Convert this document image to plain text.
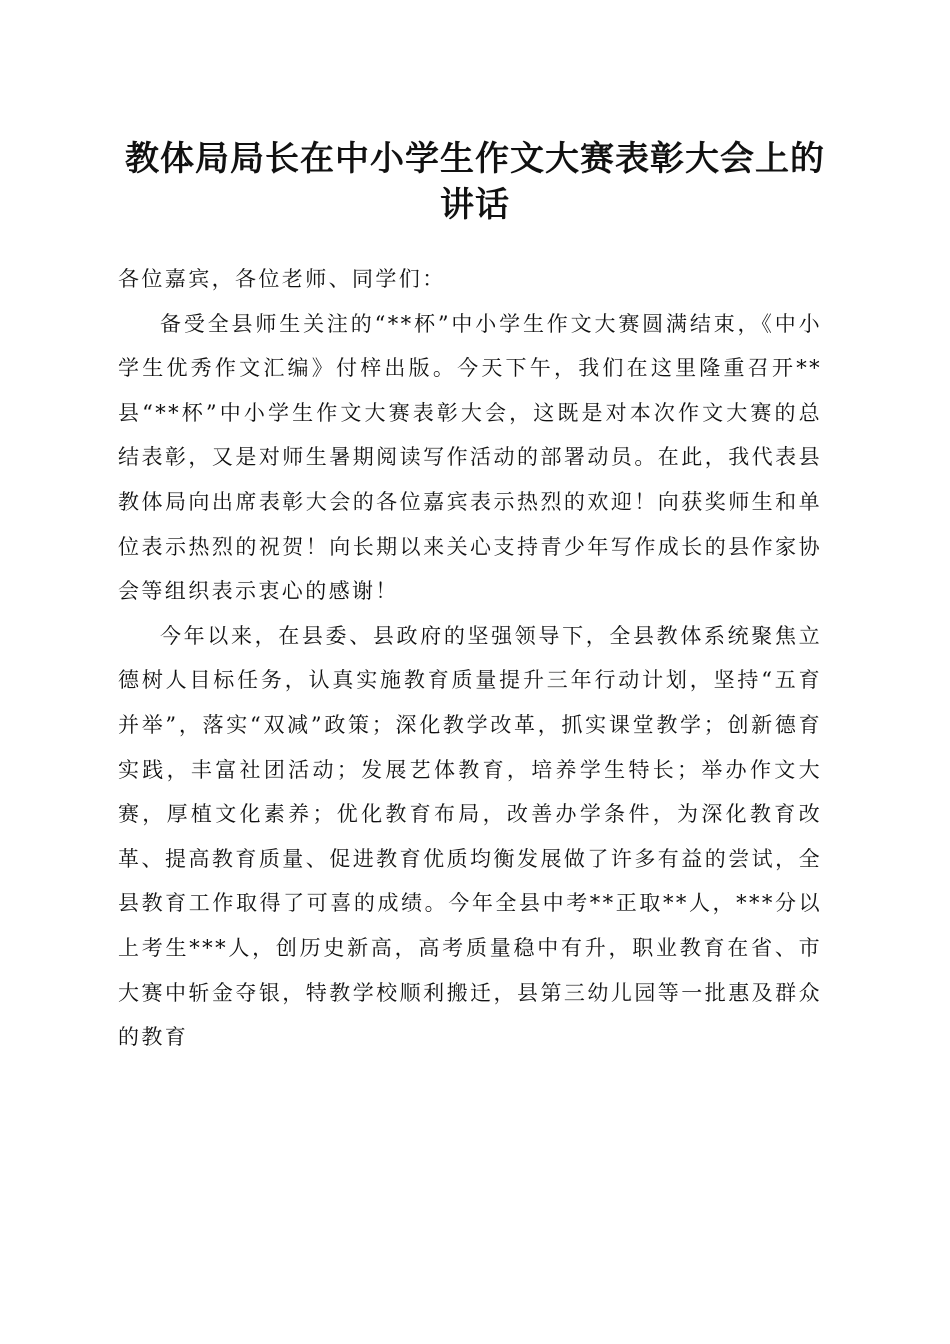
教体局局长在中小学生作文大赛表彰大会上的讲话

各位嘉宾，各位老师、同学们：

备受全县师生关注的“**杯”中小学生作文大赛圆满结束，《中小学生优秀作文汇编》付梓出版。今天下午，我们在这里隆重召开**县“**杯”中小学生作文大赛表彰大会，这既是对本次作文大赛的总结表彰，又是对师生暑期阅读写作活动的部署动员。在此，我代表县教体局向出席表彰大会的各位嘉宾表示热烈的欢迎！向获奖师生和单位表示热烈的祝贺！向长期以来关心支持青少年写作成长的县作家协会等组织表示衷心的感谢！

今年以来，在县委、县政府的坚强领导下，全县教体系统聚焦立德树人目标任务，认真实施教育质量提升三年行动计划，坚持“五育并举”，落实“双减”政策；深化教学改革，抓实课堂教学；创新德育实践，丰富社团活动；发展艺体教育，培养学生特长；举办作文大赛，厚植文化素养；优化教育布局，改善办学条件，为深化教育改革、提高教育质量、促进教育优质均衡发展做了许多有益的尝试，全县教育工作取得了可喜的成绩。今年全县中考**正取**人，***分以上考生***人，创历史新高，高考质量稳中有升，职业教育在省、市大赛中斩金夺银，特教学校顺利搬迁，县第三幼儿园等一批惠及群众的教育
